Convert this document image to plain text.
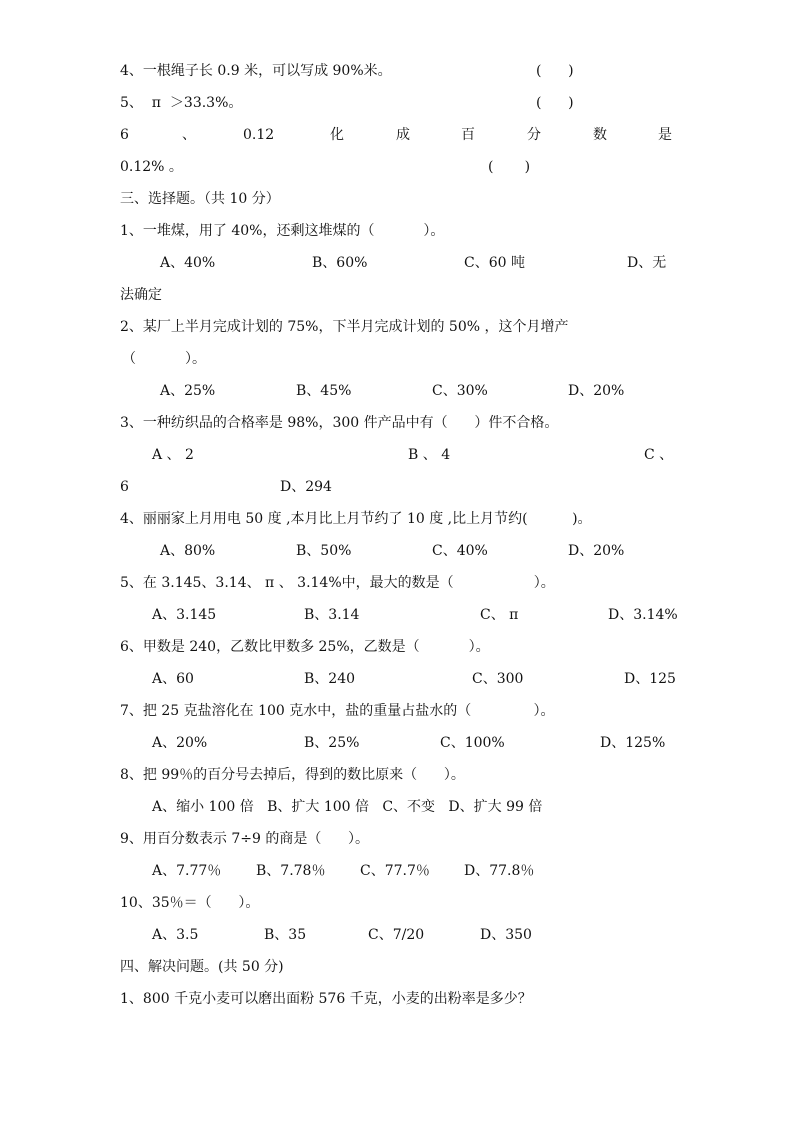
4、一根绳子长 0.9 米，可以写成 90%米。	(      )
5、  π  ＞33.3%。	(      )
6	、	0.12	化	成	百	分	数	是
0.12% 。	(       )
三、选择题。（共 10 分）
1、一堆煤，用了 40%，还剩这堆煤的（           ）。
A、40%	B、60%	C、60 吨	D、无
法确定
2、某厂上半月完成计划的 75%，下半月完成计划的 50% ，这个月增产
（           ）。
A、25%	B、45%	C、30%	D、20%
3、一种纺织品的合格率是 98%，300 件产品中有（      ）件不合格。
A 、 2	B 、 4	C 、
6	D、294
4、丽丽家上月用电 50 度 ,本月比上月节约了 10 度 ,比上月节约(          )。
A、80%	B、50%	C、40%	D、20%
5、在 3.145、3.14、 π 、 3.14%中，最大的数是（                  ）。
A、3.145	B、3.14	C、 π	D、3.14%
6、甲数是 240，乙数比甲数多 25%，乙数是（           ）。
A、60	B、240	C、300	D、125
7、把 25 克盐溶化在 100 克水中，盐的重量占盐水的（              ）。
A、20%	B、25%	C、100%	D、125%
8、把 99％的百分号去掉后，得到的数比原来（      ）。
A、缩小 100 倍   B、扩大 100 倍   C、不变   D、扩大 99 倍
9、用百分数表示 7÷9 的商是（      ）。
A、7.77％ B、7.78％ C、77.7％ D、77.8％
10、35％＝（      ）。
A、3.5	B、35	C、7/20	D、350
四、解决问题。(共 50 分)
1、800 千克小麦可以磨出面粉 576 千克，小麦的出粉率是多少？
